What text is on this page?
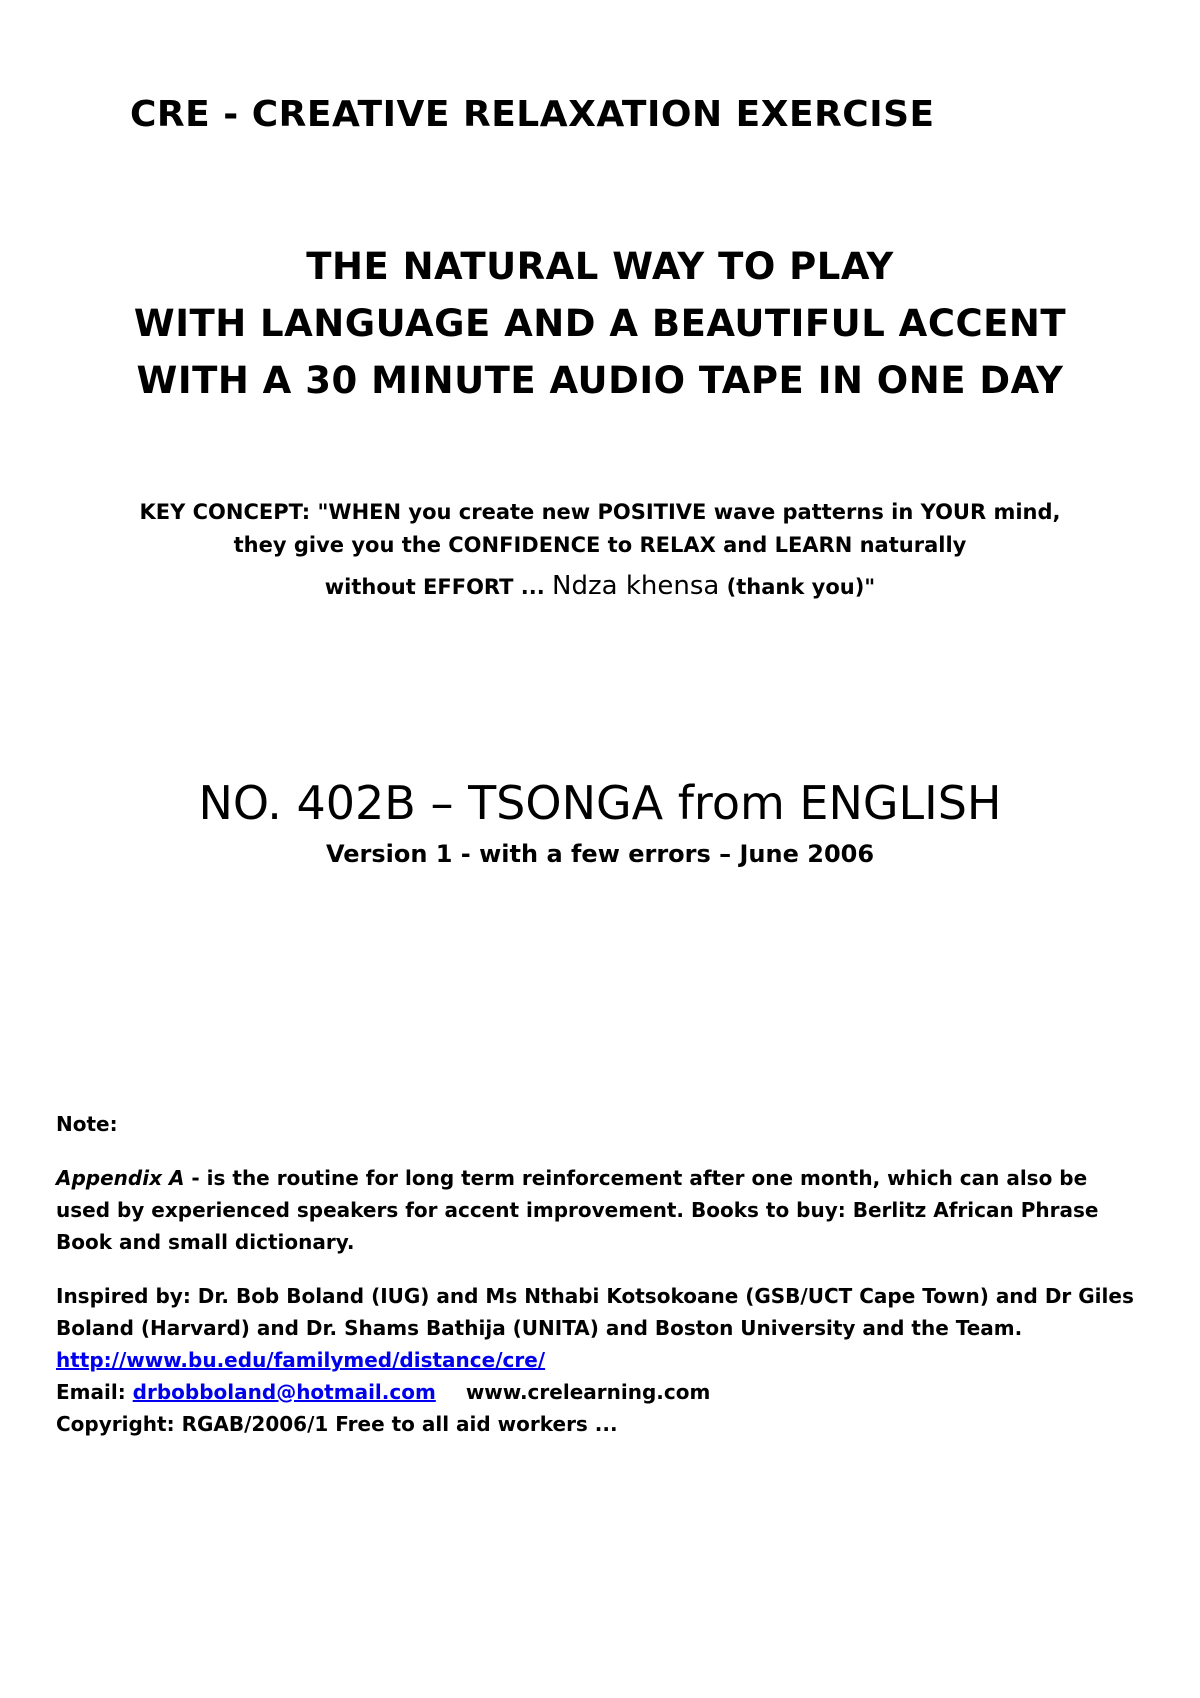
CRE - CREATIVE RELAXATION EXERCISE
THE NATURAL WAY TO PLAY
WITH LANGUAGE AND A BEAUTIFUL ACCENT
WITH A 30 MINUTE AUDIO TAPE IN ONE DAY
KEY CONCEPT: "WHEN you create new POSITIVE wave patterns in YOUR mind,
they give you the CONFIDENCE to RELAX and LEARN naturally
without EFFORT ... Ndza khensa (thank you)"
NO. 402B – TSONGA from ENGLISH
Version 1 - with a few errors – June 2006

Note:

Appendix A - is the routine for long term reinforcement after one month, which can also be used by experienced speakers for accent improvement. Books to buy: Berlitz African Phrase Book and small dictionary.

Inspired by: Dr. Bob Boland (IUG) and Ms Nthabi Kotsokoane (GSB/UCT Cape Town) and Dr Giles Boland (Harvard) and Dr. Shams Bathija (UNITA) and Boston University and the Team. http://www.bu.edu/familymed/distance/cre/

Email: drbobboland@hotmail.com www.crelearning.com

Copyright: RGAB/2006/1 Free to all aid workers ...
